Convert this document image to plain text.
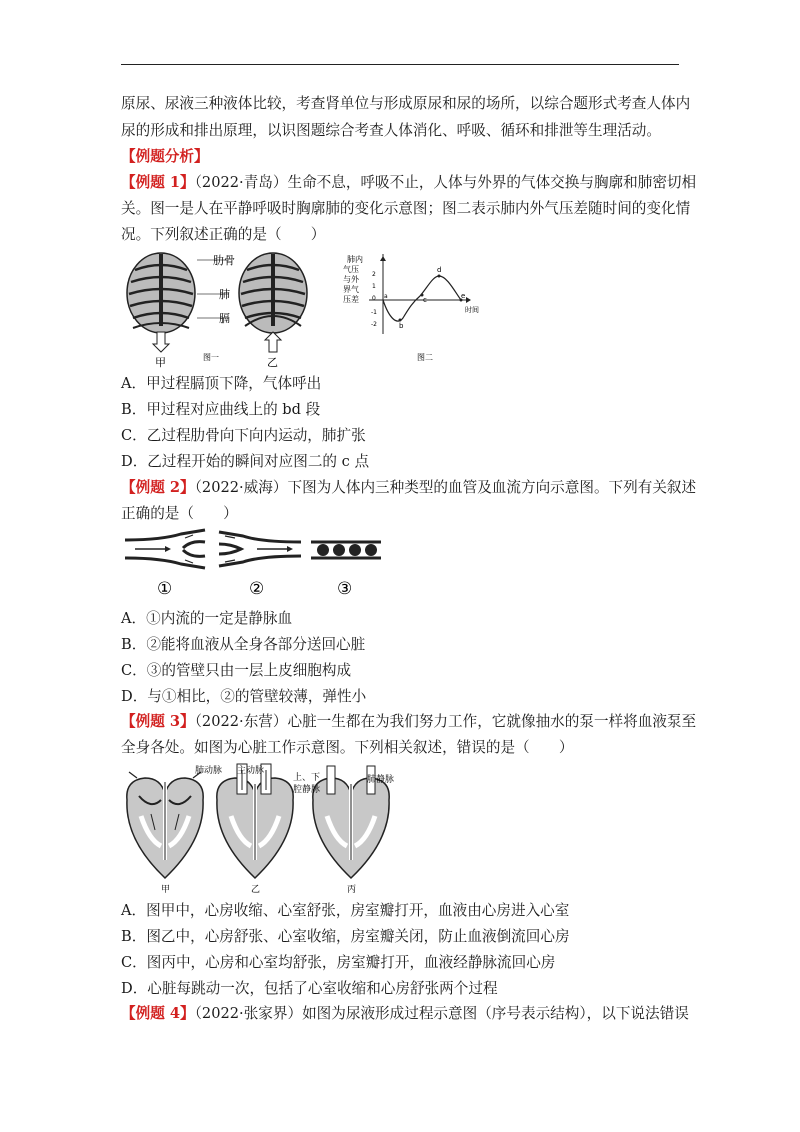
原尿、尿液三种液体比较，考查肾单位与形成原尿和尿的场所，以综合题形式考查人体内
尿的形成和排出原理，以识图题综合考查人体消化、呼吸、循环和排泄等生理活动。
【例题分析】
【例题 1】（2022·青岛）生命不息，呼吸不止，人体与外界的气体交换与胸廓和肺密切相
关。图一是人在平静呼吸时胸廓肺的变化示意图；图二表示肺内外气压差随时间的变化情
况。下列叙述正确的是（　　）
肋骨
肺
膈
甲	乙
图一
肺内
气压
与外
界气
压差
2
1
0
-1
-2
a
b
c
d
e
时间
图二
A．甲过程膈顶下降，气体呼出
B．甲过程对应曲线上的 bd 段
C．乙过程肋骨向下向内运动，肺扩张
D．乙过程开始的瞬间对应图二的 c 点
【例题 2】（2022·威海）下图为人体内三种类型的血管及血流方向示意图。下列有关叙述
正确的是（　　）
①	②	③
A．①内流的一定是静脉血
B．②能将血液从全身各部分送回心脏
C．③的管壁只由一层上皮细胞构成
D．与①相比，②的管壁较薄，弹性小
【例题 3】（2022·东营）心脏一生都在为我们努力工作，它就像抽水的泵一样将血液泵至
全身各处。如图为心脏工作示意图。下列相关叙述，错误的是（　　）
肺动脉 主动脉
上、下
腔静脉
肺静脉
甲	乙	丙
A．图甲中，心房收缩、心室舒张，房室瓣打开，血液由心房进入心室
B．图乙中，心房舒张、心室收缩，房室瓣关闭，防止血液倒流回心房
C．图丙中，心房和心室均舒张，房室瓣打开，血液经静脉流回心房
D．心脏每跳动一次，包括了心室收缩和心房舒张两个过程
【例题 4】（2022·张家界）如图为尿液形成过程示意图（序号表示结构），以下说法错误
